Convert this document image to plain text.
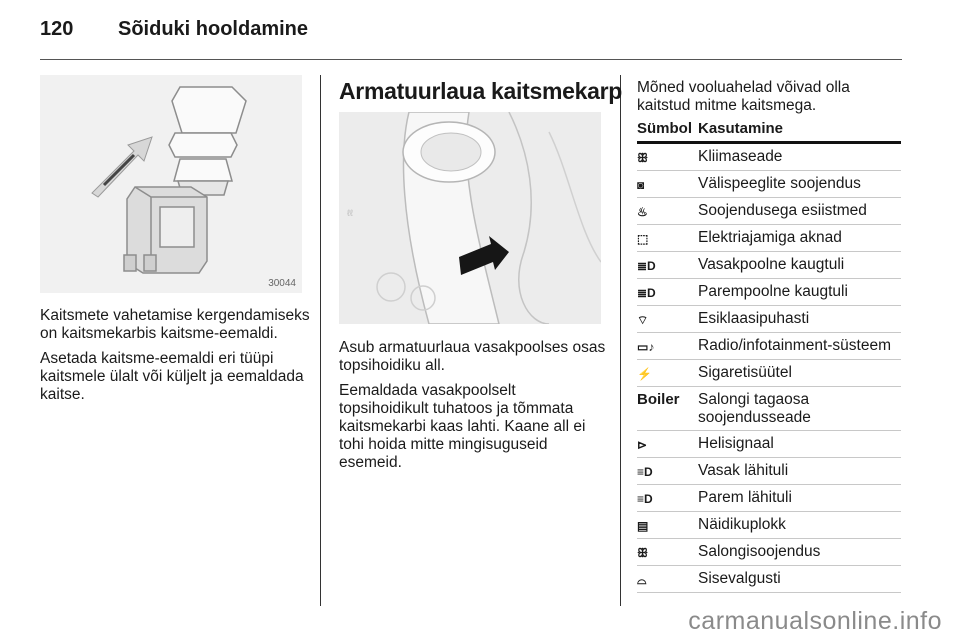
120 Sõiduki hooldamine
30044

Kaitsmete vahetamise kergendamiseks on kaitsmekarbis kaitsme-eemaldi.

Asetada kaitsme-eemaldi eri tüüpi kaitsmele ülalt või küljelt ja eemaldada kaitse.

Armatuurlaua kaitsmekarp
ℓℓ

Asub armatuurlaua vasakpoolses osas topsihoidiku all.

Eemaldada vasakpoolselt topsihoidikult tuhatoos ja tõmmata kaitsmekarbi kaas lahti. Kaane all ei tohi hoida mitte mingisuguseid esemeid.

Mõned vooluahelad võivad olla kaitstud mitme kaitsmega.

Sümbol	Kasutamine
ꕥ	Kliimaseade
◙	Välispeeglite soojendus
♨	Soojendusega esiistmed
⬚	Elektriajamiga aknad
≣D	Vasakpoolne kaugtuli
≣D	Parempoolne kaugtuli
⌔	Esiklaasipuhasti
▭♪	Radio/infotainment-süsteem
⚡	Sigaretisüütel
Boiler	Salongi tagaosa soojendusseade
⊳	Helisignaal
≡D	Vasak lähituli
≡D	Parem lähituli
▤	Näidikuplokk
ꕥ	Salongisoojendus
⌓	Sisevalgusti
carmanualsonline.info
